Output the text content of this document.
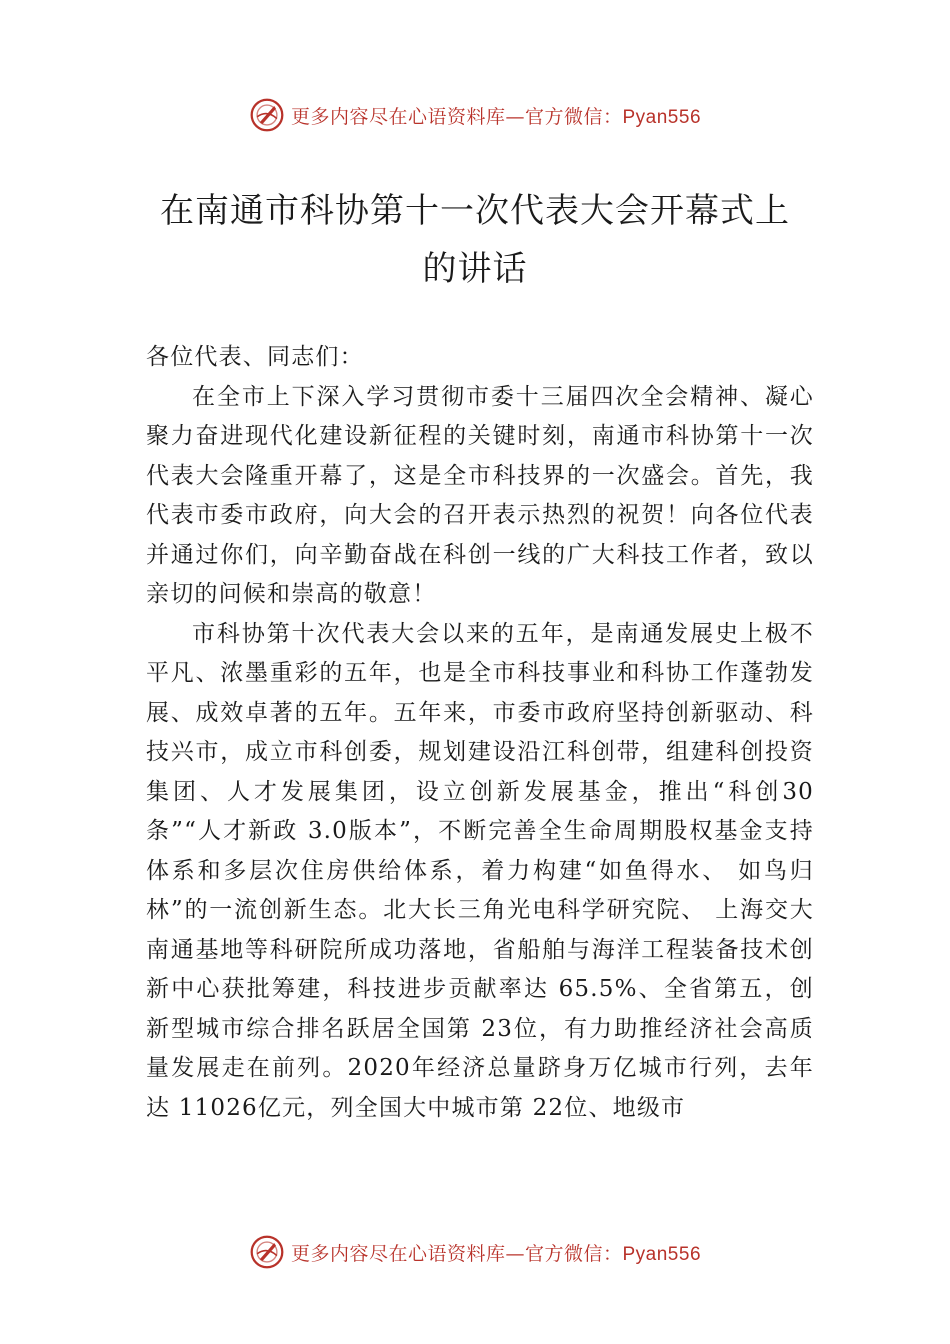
更多内容尽在心语资料库—官方微信：Pyan556
在南通市科协第十一次代表大会开幕式上
的讲话

各位代表、同志们：

在全市上下深入学习贯彻市委十三届四次全会精神、凝心聚力奋进现代化建设新征程的关键时刻，南通市科协第十一次代表大会隆重开幕了，这是全市科技界的一次盛会。首先，我代表市委市政府，向大会的召开表示热烈的祝贺！向各位代表并通过你们，向辛勤奋战在科创一线的广大科技工作者，致以亲切的问候和崇高的敬意！

市科协第十次代表大会以来的五年，是南通发展史上极不平凡、浓墨重彩的五年，也是全市科技事业和科协工作蓬勃发展、成效卓著的五年。五年来，市委市政府坚持创新驱动、科技兴市，成立市科创委，规划建设沿江科创带，组建科创投资集团、人才发展集团，设立创新发展基金，推出“科创30条”“人才新政 3.0版本”，不断完善全生命周期股权基金支持体系和多层次住房供给体系，着力构建“如鱼得水、 如鸟归林”的一流创新生态。北大长三角光电科学研究院、 上海交大南通基地等科研院所成功落地，省船舶与海洋工程装备技术创新中心获批筹建，科技进步贡献率达 65.5%、全省第五，创新型城市综合排名跃居全国第 23位，有力助推经济社会高质量发展走在前列。2020年经济总量跻身万亿城市行列，去年达 11026亿元，列全国大中城市第 22位、地级市

更多内容尽在心语资料库—官方微信：Pyan556
